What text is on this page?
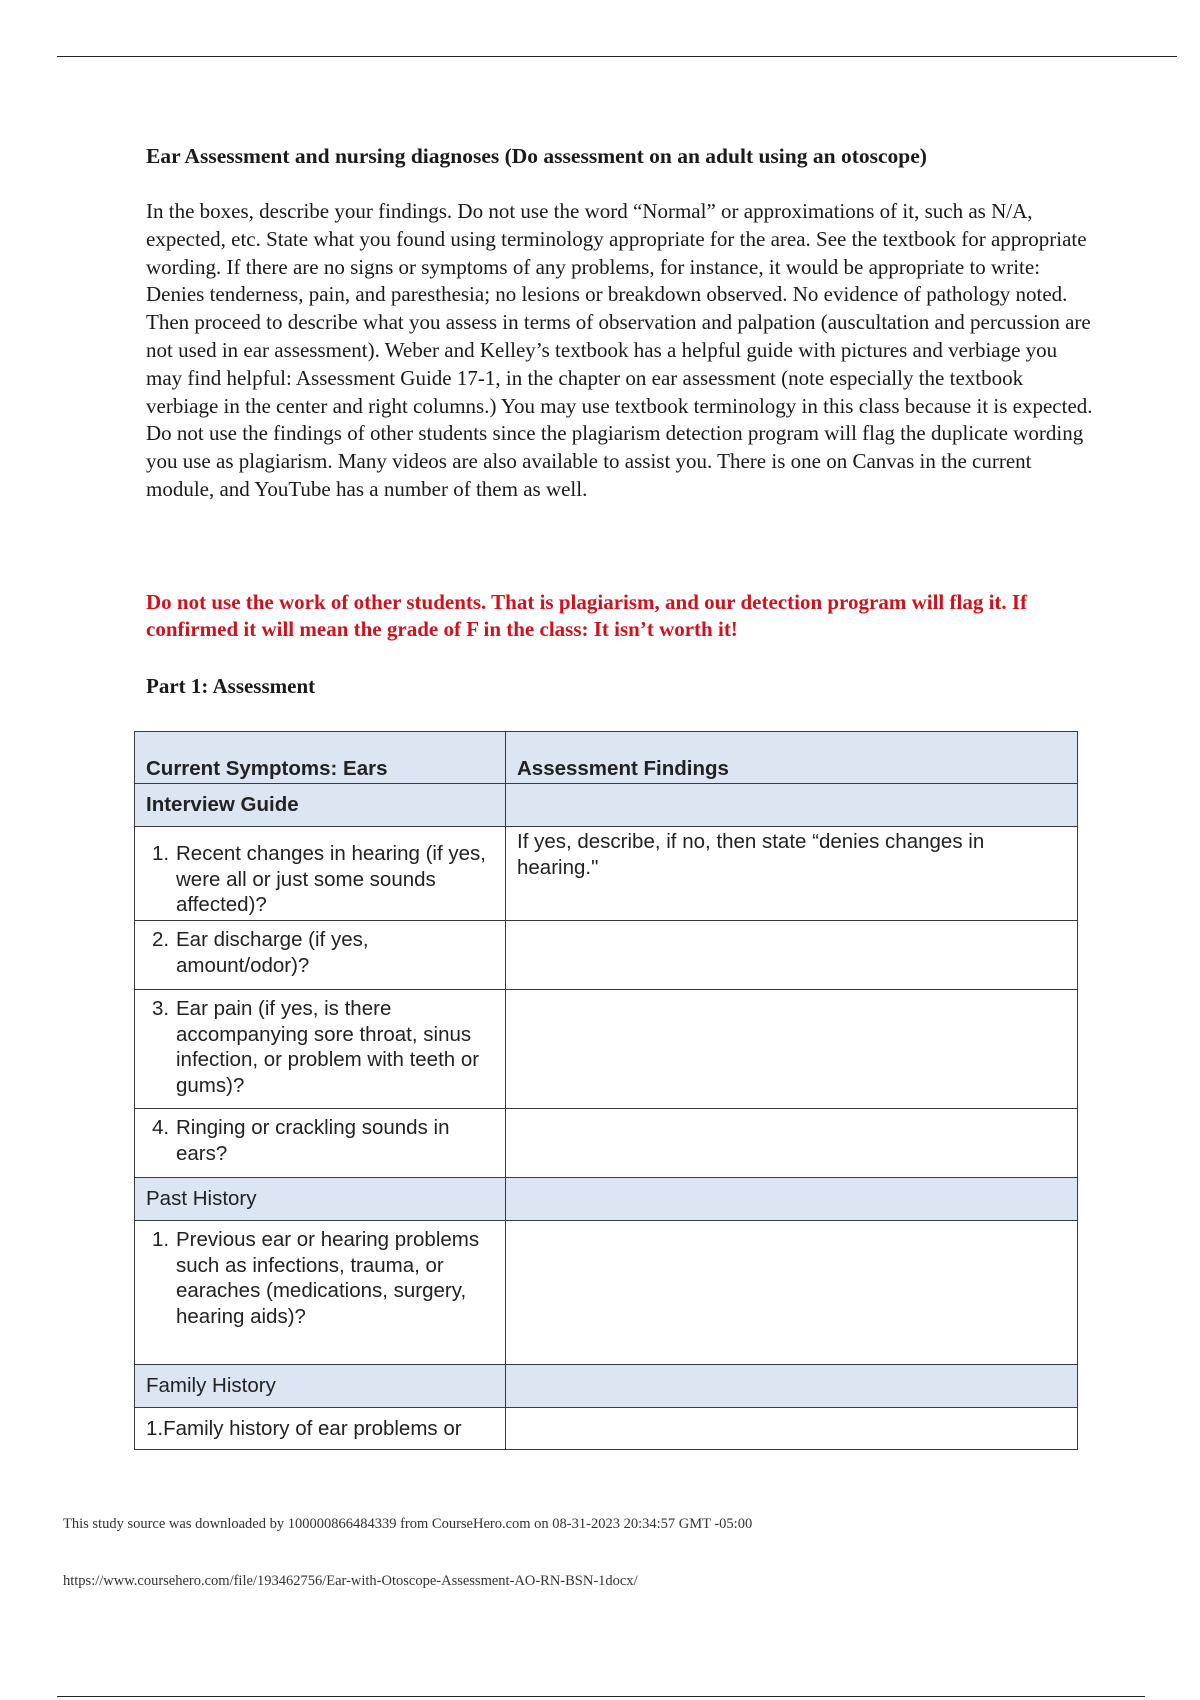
Ear Assessment and nursing diagnoses (Do assessment on an adult using an otoscope)

In the boxes, describe your findings. Do not use the word “Normal” or approximations of it, such as N/A, expected, etc. State what you found using terminology appropriate for the area. See the textbook for appropriate wording. If there are no signs or symptoms of any problems, for instance, it would be appropriate to write: Denies tenderness, pain, and paresthesia; no lesions or breakdown observed. No evidence of pathology noted. Then proceed to describe what you assess in terms of observation and palpation (auscultation and percussion are not used in ear assessment). Weber and Kelley’s textbook has a helpful guide with pictures and verbiage you may find helpful: Assessment Guide 17-1, in the chapter on ear assessment (note especially the textbook verbiage in the center and right columns.) You may use textbook terminology in this class because it is expected. Do not use the findings of other students since the plagiarism detection program will flag the duplicate wording you use as plagiarism. Many videos are also available to assist you. There is one on Canvas in the current module, and YouTube has a number of them as well.

Do not use the work of other students. That is plagiarism, and our detection program will flag it. If confirmed it will mean the grade of F in the class: It isn’t worth it!

Part 1: Assessment
Current Symptoms: Ears	Assessment Findings

Interview Guide	

1. Recent changes in hearing (if yes, were all or just some sounds affected)?	If yes, describe, if no, then state “denies changes in hearing."

2. Ear discharge (if yes, amount/odor)?	

3. Ear pain (if yes, is there accompanying sore throat, sinus infection, or problem with teeth or gums)?	

4. Ringing or crackling sounds in ears?	

Past History	

1. Previous ear or hearing problems such as infections, trauma, or earaches (medications, surgery, hearing aids)?	

Family History	

1.Family history of ear problems or	

This study source was downloaded by 100000866484339 from CourseHero.com on 08-31-2023 20:34:57 GMT -05:00
https://www.coursehero.com/file/193462756/Ear-with-Otoscope-Assessment-AO-RN-BSN-1docx/
